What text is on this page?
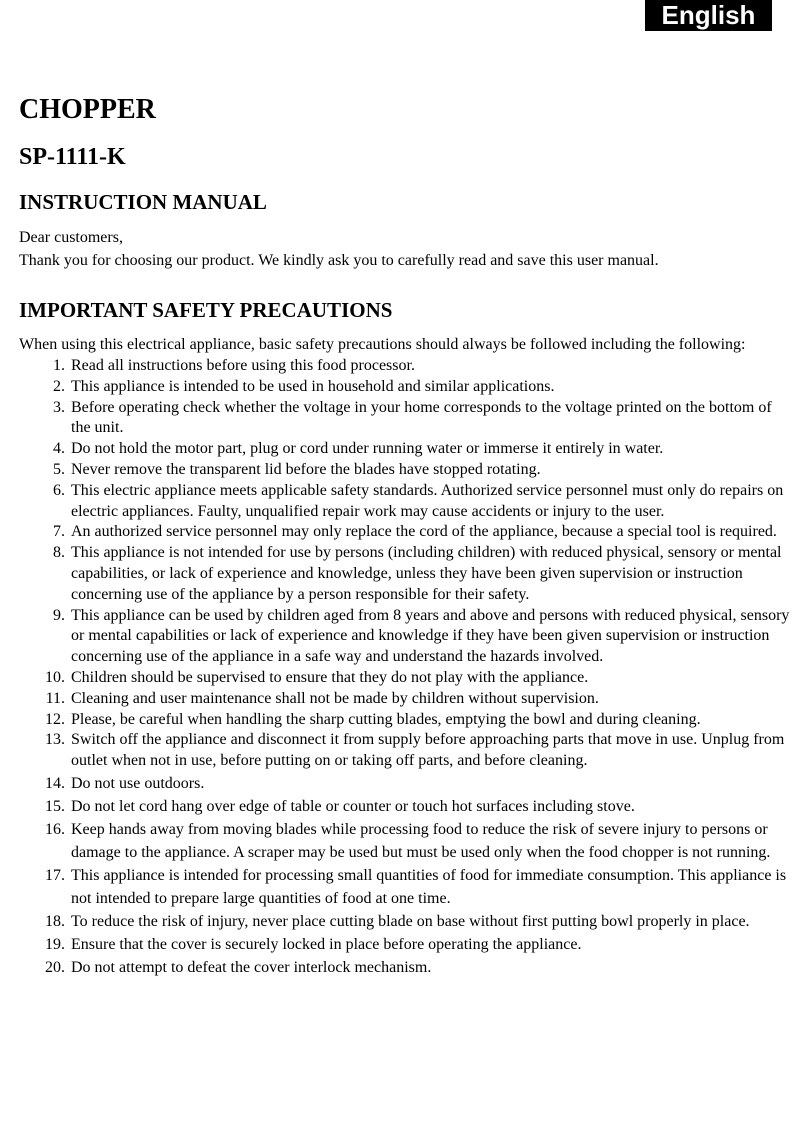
English
CHOPPER
SP-1111-K
INSTRUCTION MANUAL

Dear customers,

Thank you for choosing our product. We kindly ask you to carefully read and save this user manual.

IMPORTANT SAFETY PRECAUTIONS

When using this electrical appliance, basic safety precautions should always be followed including the following:

1. Read all instructions before using this food processor.
2. This appliance is intended to be used in household and similar applications.
3. Before operating check whether the voltage in your home corresponds to the voltage printed on the bottom of the unit.
4. Do not hold the motor part, plug or cord under running water or immerse it entirely in water.
5. Never remove the transparent lid before the blades have stopped rotating.
6. This electric appliance meets applicable safety standards. Authorized service personnel must only do repairs on electric appliances. Faulty, unqualified repair work may cause accidents or injury to the user.
7. An authorized service personnel may only replace the cord of the appliance, because a special tool is required.
8. This appliance is not intended for use by persons (including children) with reduced physical, sensory or mental capabilities, or lack of experience and knowledge, unless they have been given supervision or instruction concerning use of the appliance by a person responsible for their safety.
9. This appliance can be used by children aged from 8 years and above and persons with reduced physical, sensory or mental capabilities or lack of experience and knowledge if they have been given supervision or instruction concerning use of the appliance in a safe way and understand the hazards involved.
10. Children should be supervised to ensure that they do not play with the appliance.
11. Cleaning and user maintenance shall not be made by children without supervision.
12. Please, be careful when handling the sharp cutting blades, emptying the bowl and during cleaning.
13. Switch off the appliance and disconnect it from supply before approaching parts that move in use. Unplug from outlet when not in use, before putting on or taking off parts, and before cleaning.
14. Do not use outdoors.
15. Do not let cord hang over edge of table or counter or touch hot surfaces including stove.
16. Keep hands away from moving blades while processing food to reduce the risk of severe injury to persons or damage to the appliance. A scraper may be used but must be used only when the food chopper is not running.
17. This appliance is intended for processing small quantities of food for immediate consumption. This appliance is not intended to prepare large quantities of food at one time.
18. To reduce the risk of injury, never place cutting blade on base without first putting bowl properly in place.
19. Ensure that the cover is securely locked in place before operating the appliance.
20. Do not attempt to defeat the cover interlock mechanism.
